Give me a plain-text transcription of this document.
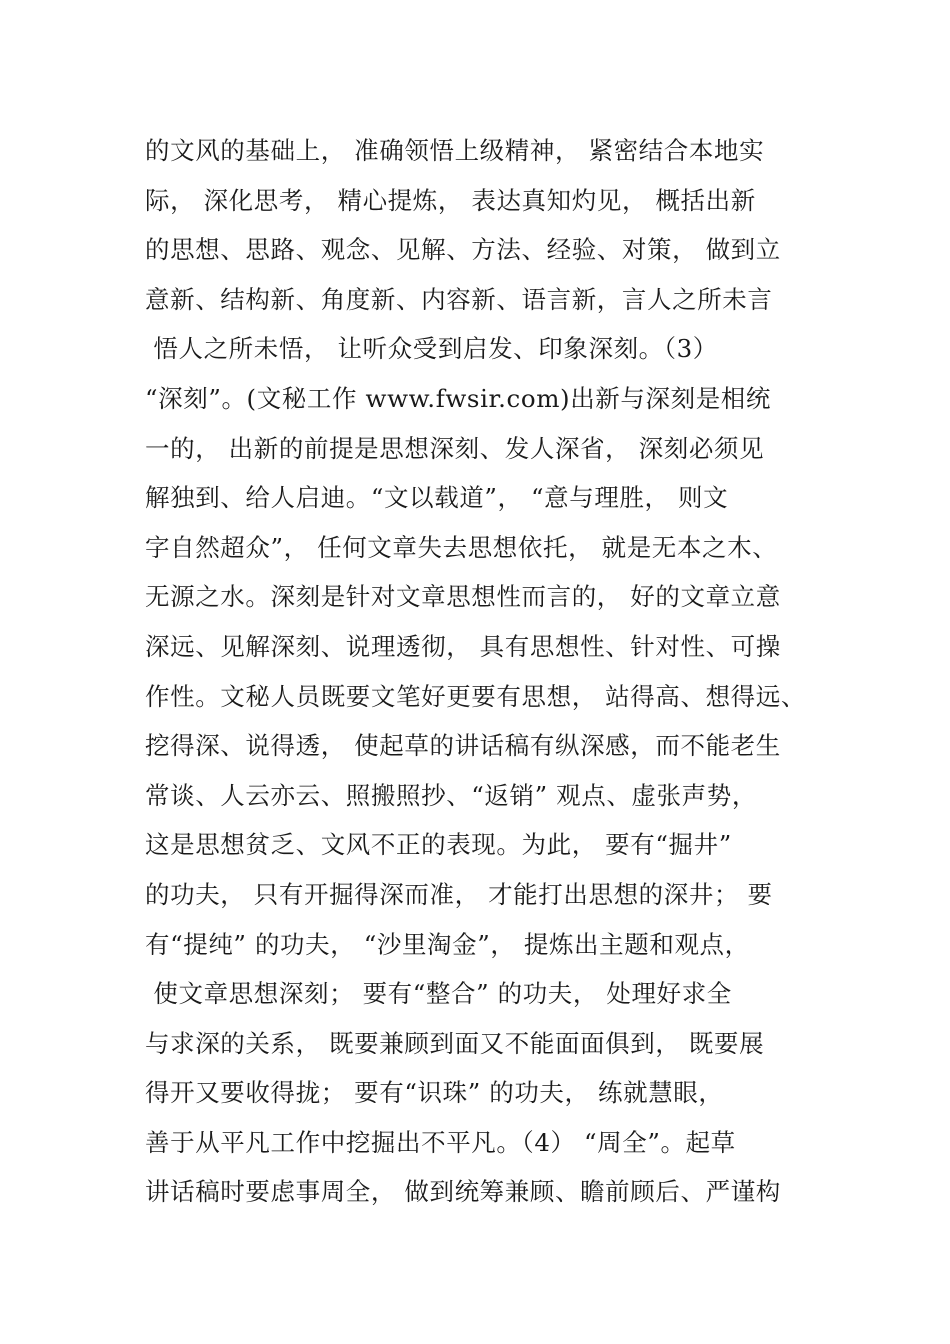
的文风的基础上， 准确领悟上级精神， 紧密结合本地实
际， 深化思考， 精心提炼， 表达真知灼见， 概括出新
的思想、思路、观念、见解、方法、经验、对策， 做到立
意新、结构新、角度新、内容新、语言新，言人之所未言
悟人之所未悟， 让听众受到启发、印象深刻。（3）
“深刻”。(文秘工作 www.fwsir.com)出新与深刻是相统
一的， 出新的前提是思想深刻、发人深省， 深刻必须见
解独到、给人启迪。“文以载道”， “意与理胜， 则文
字自然超众”， 任何文章失去思想依托， 就是无本之木、
无源之水。深刻是针对文章思想性而言的， 好的文章立意
深远、见解深刻、说理透彻， 具有思想性、针对性、可操
作性。文秘人员既要文笔好更要有思想， 站得高、想得远、
挖得深、说得透， 使起草的讲话稿有纵深感，而不能老生
常谈、人云亦云、照搬照抄、“返销” 观点、虚张声势，
这是思想贫乏、文风不正的表现。为此， 要有“掘井”
的功夫， 只有开掘得深而准， 才能打出思想的深井； 要
有“提纯” 的功夫， “沙里淘金”， 提炼出主题和观点，
使文章思想深刻； 要有“整合” 的功夫， 处理好求全
与求深的关系， 既要兼顾到面又不能面面俱到， 既要展
得开又要收得拢； 要有“识珠” 的功夫， 练就慧眼，
善于从平凡工作中挖掘出不平凡。（4） “周全”。起草
讲话稿时要虑事周全， 做到统筹兼顾、瞻前顾后、严谨构
